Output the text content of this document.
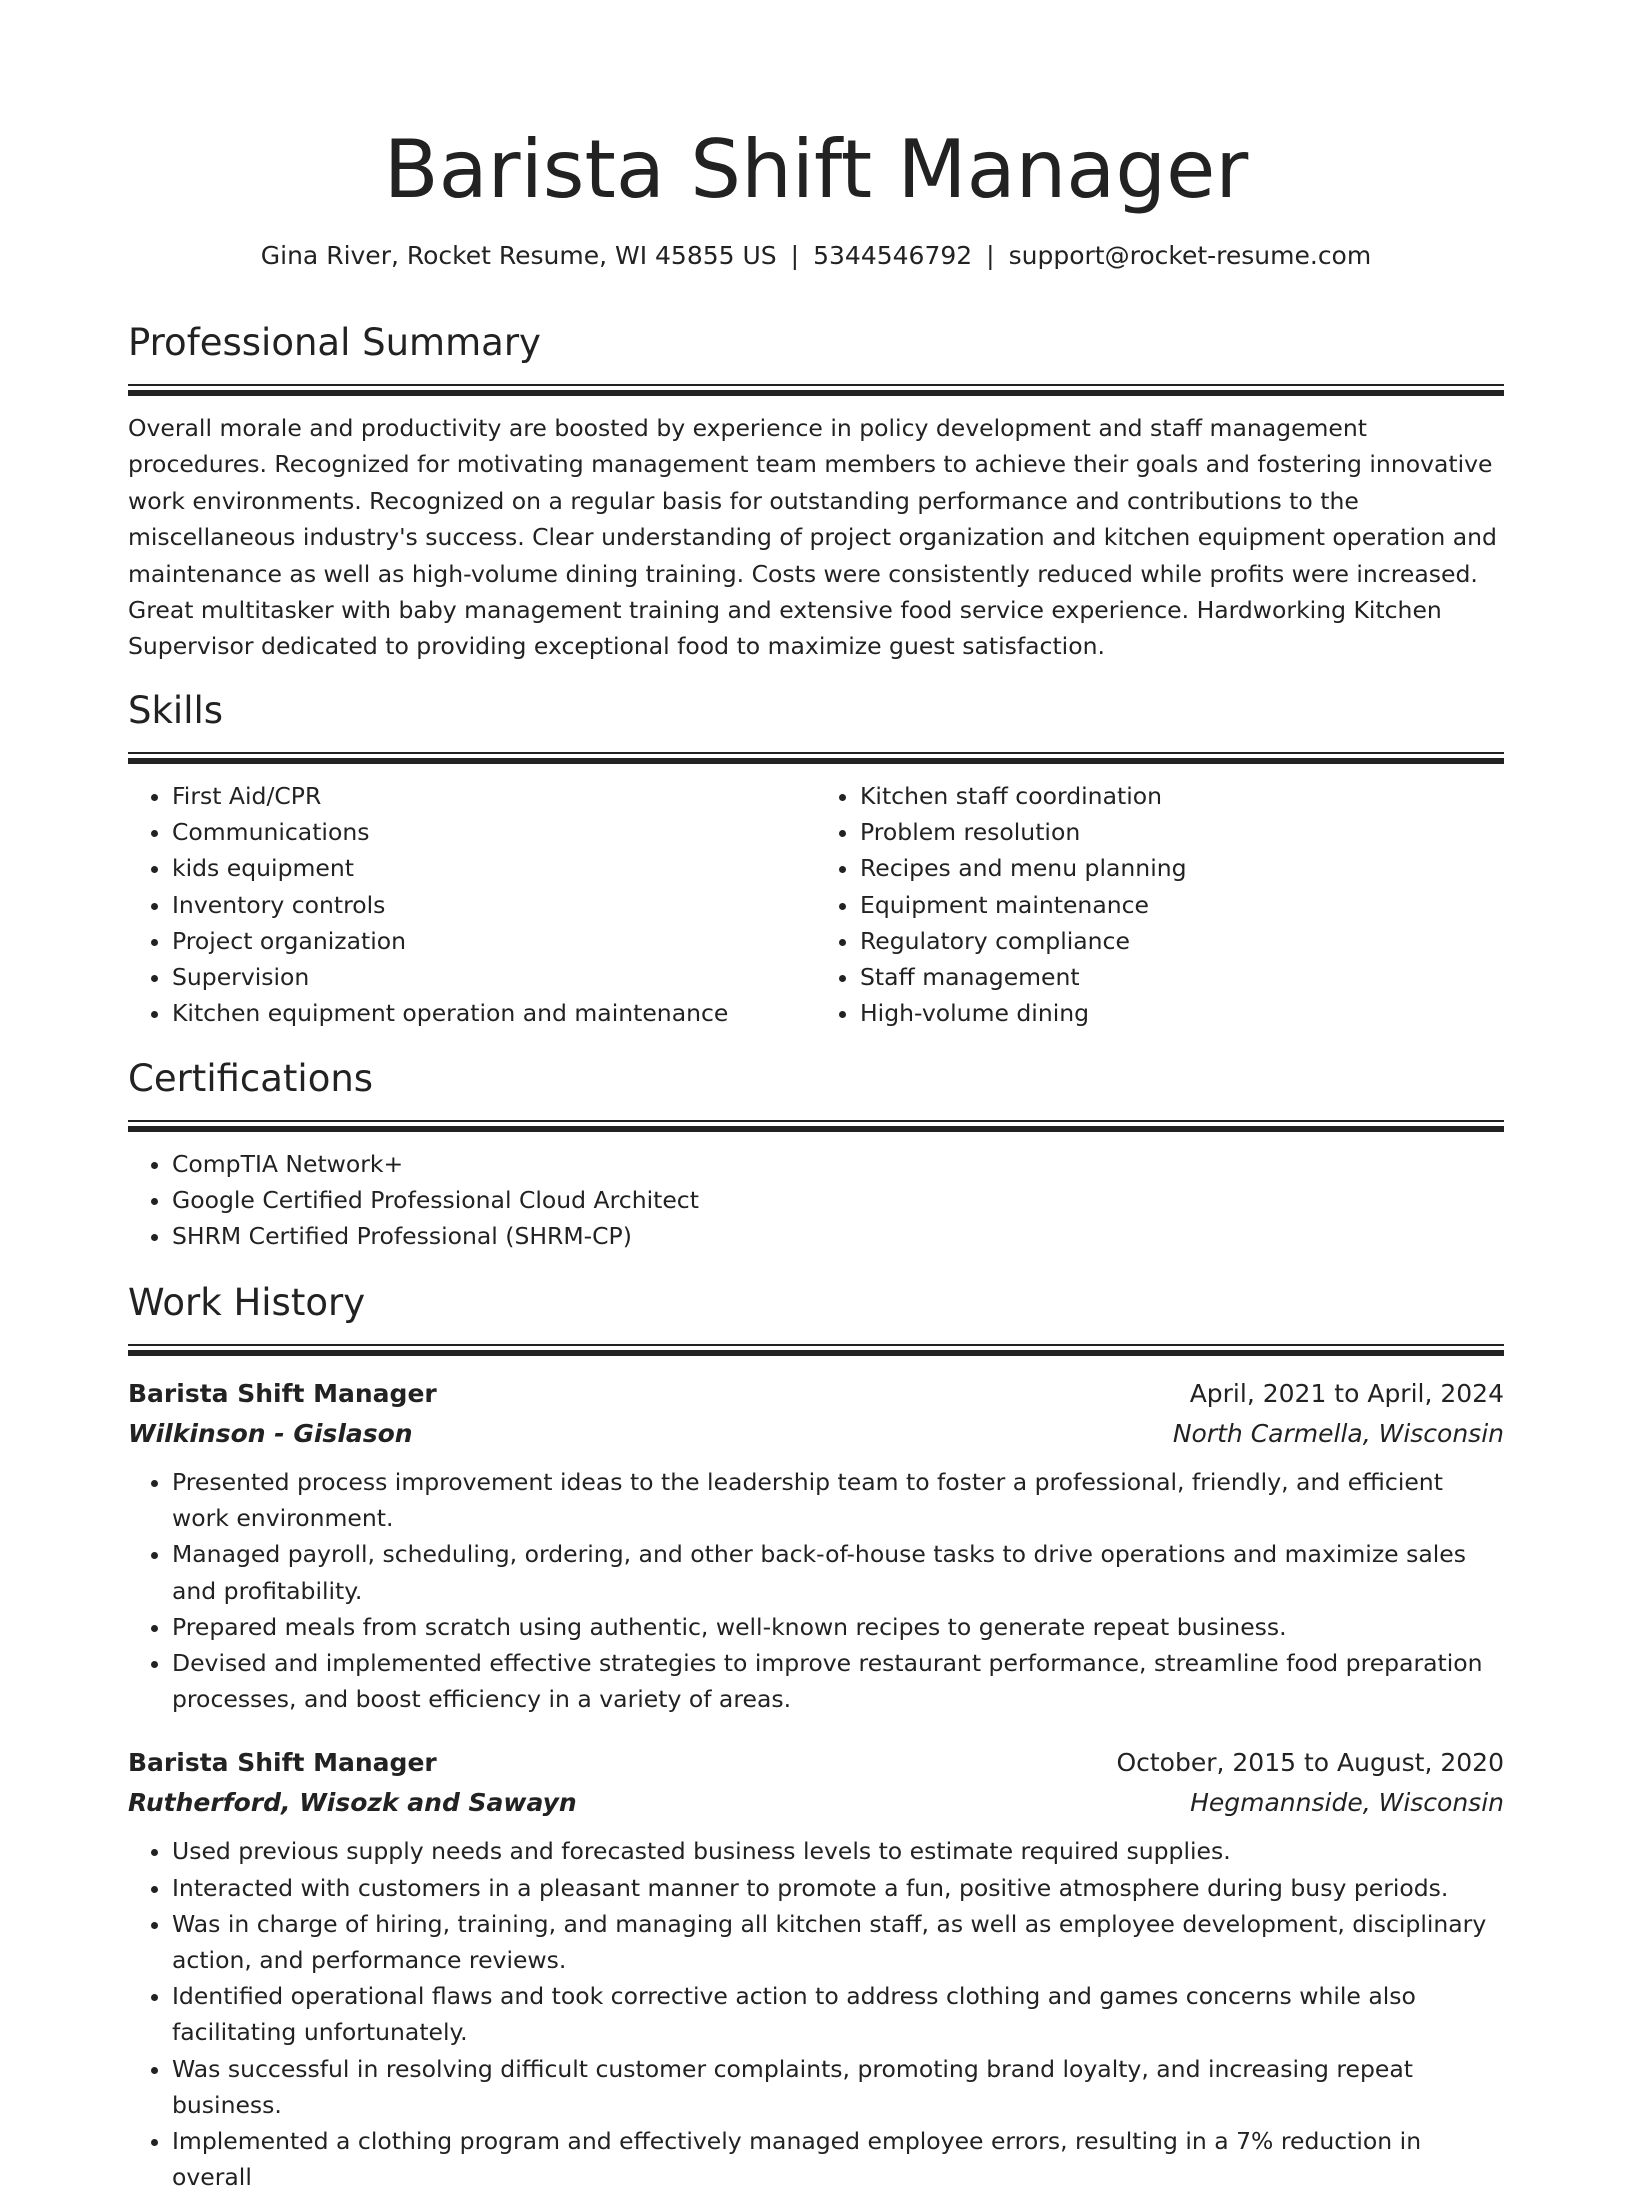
Barista Shift Manager
Gina River, Rocket Resume, WI 45855 US | 5344546792 | support@rocket-resume.com
Professional Summary

Overall morale and productivity are boosted by experience in policy development and staff management procedures. Recognized for motivating management team members to achieve their goals and fostering innovative work environments. Recognized on a regular basis for outstanding performance and contributions to the miscellaneous industry's success. Clear understanding of project organization and kitchen equipment operation and maintenance as well as high-volume dining training. Costs were consistently reduced while profits were increased. Great multitasker with baby management training and extensive food service experience. Hardworking Kitchen Supervisor dedicated to providing exceptional food to maximize guest satisfaction.

Skills
• First Aid/CPR
• Communications
• kids equipment
• Inventory controls
• Project organization
• Supervision
• Kitchen equipment operation and maintenance
• Kitchen staff coordination
• Problem resolution
• Recipes and menu planning
• Equipment maintenance
• Regulatory compliance
• Staff management
• High-volume dining
Certifications
• CompTIA Network+
• Google Certified Professional Cloud Architect
• SHRM Certified Professional (SHRM-CP)
Work History
Barista Shift Manager	April, 2021 to April, 2024
Wilkinson - Gislason	North Carmella, Wisconsin
• Presented process improvement ideas to the leadership team to foster a professional, friendly, and efficient work environment.
• Managed payroll, scheduling, ordering, and other back-of-house tasks to drive operations and maximize sales and profitability.
• Prepared meals from scratch using authentic, well-known recipes to generate repeat business.
• Devised and implemented effective strategies to improve restaurant performance, streamline food preparation processes, and boost efficiency in a variety of areas.
Barista Shift Manager	October, 2015 to August, 2020
Rutherford, Wisozk and Sawayn	Hegmannside, Wisconsin
• Used previous supply needs and forecasted business levels to estimate required supplies.
• Interacted with customers in a pleasant manner to promote a fun, positive atmosphere during busy periods.
• Was in charge of hiring, training, and managing all kitchen staff, as well as employee development, disciplinary action, and performance reviews.
• Identified operational flaws and took corrective action to address clothing and games concerns while also facilitating unfortunately.
• Was successful in resolving difficult customer complaints, promoting brand loyalty, and increasing repeat business.
• Implemented a clothing program and effectively managed employee errors, resulting in a 7% reduction in overall
